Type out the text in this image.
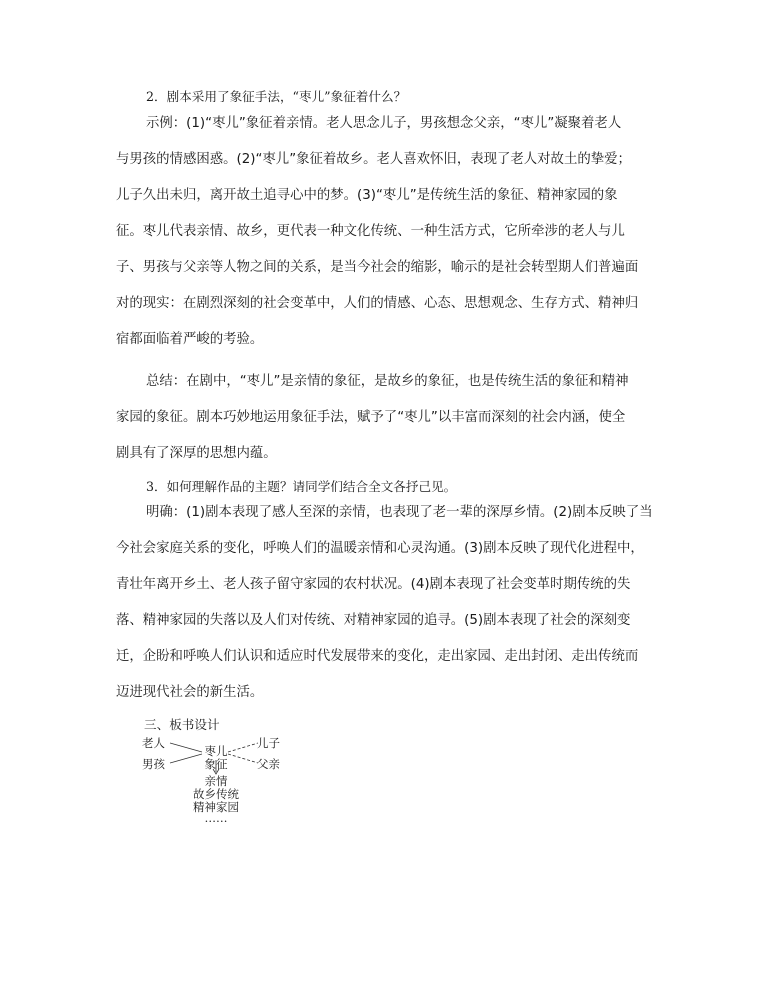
2．剧本采用了象征手法，“枣儿”象征着什么？
示例：(1)“枣儿”象征着亲情。老人思念儿子，男孩想念父亲，“枣儿”凝聚着老人
与男孩的情感困惑。(2)“枣儿”象征着故乡。老人喜欢怀旧，表现了老人对故土的挚爱；
儿子久出未归，离开故土追寻心中的梦。(3)“枣儿”是传统生活的象征、精神家园的象
征。枣儿代表亲情、故乡，更代表一种文化传统、一种生活方式，它所牵涉的老人与儿
子、男孩与父亲等人物之间的关系，是当今社会的缩影，喻示的是社会转型期人们普遍面
对的现实：在剧烈深刻的社会变革中，人们的情感、心态、思想观念、生存方式、精神归
宿都面临着严峻的考验。
总结：在剧中，“枣儿”是亲情的象征，是故乡的象征，也是传统生活的象征和精神
家园的象征。剧本巧妙地运用象征手法，赋予了“枣儿”以丰富而深刻的社会内涵，使全
剧具有了深厚的思想内蕴。
3．如何理解作品的主题？请同学们结合全文各抒己见。
明确：(1)剧本表现了感人至深的亲情，也表现了老一辈的深厚乡情。(2)剧本反映了当
今社会家庭关系的变化，呼唤人们的温暖亲情和心灵沟通。(3)剧本反映了现代化进程中，
青壮年离开乡土、老人孩子留守家园的农村状况。(4)剧本表现了社会变革时期传统的失
落、精神家园的失落以及人们对传统、对精神家园的追寻。(5)剧本表现了社会的深刻变
迁，企盼和呼唤人们认识和适应时代发展带来的变化，走出家园、走出封闭、走出传统而
迈进现代社会的新生活。
三、板书设计
老人
男孩
枣儿
象征
儿子
父亲
亲情
故乡传统
精神家园
……
